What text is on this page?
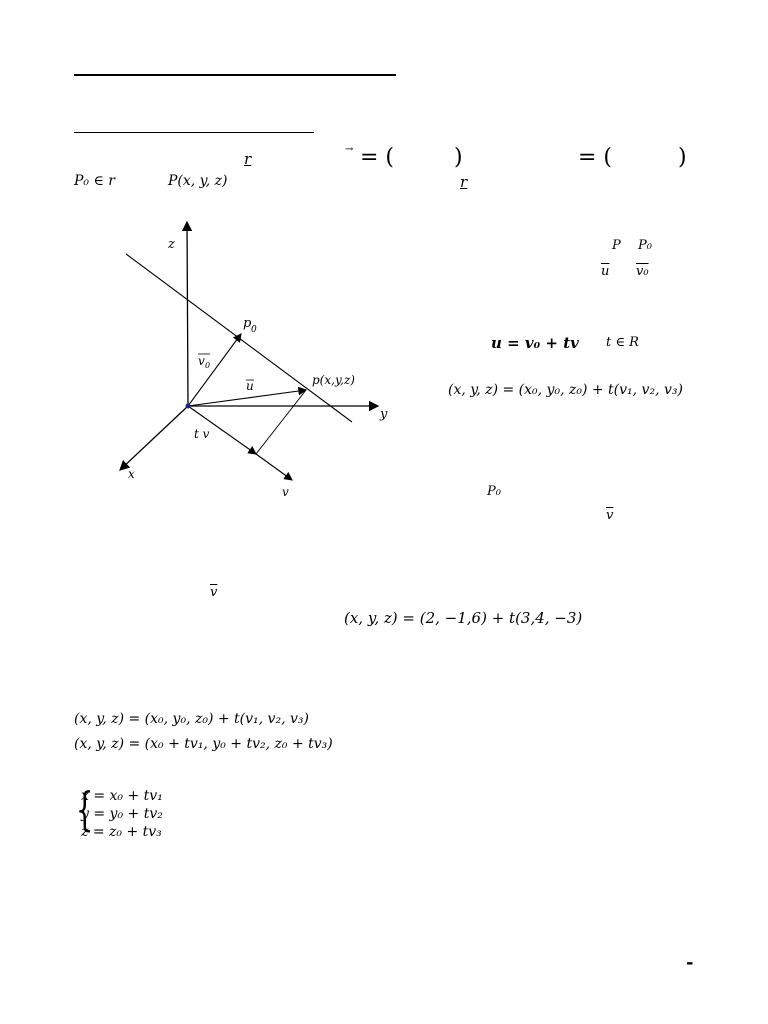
r
→ = (	)	= (	)
P₀ ∈ r	P(x, y, z)	r
z
y
x
p 0
p(x,y,z)
v 0
u
t v
v
P P₀
$\overline{u}$ v₀
u = v₀ + tv t ∈ R
(x, y, z) = (x₀, y₀, z₀) + t(v₁, v₂, v₃)
P₀
$\overline{v}$
$\overline{v}$
(x, y, z) = (2, −1,6) + t(3,4, −3)
(x, y, z) = (x₀, y₀, z₀) + t(v₁, v₂, v₃)
(x, y, z) = (x₀ + tv₁, y₀ + tv₂, z₀ + tv₃)
{
x = x₀ + tv₁
y = y₀ + tv₂
z = z₀ + tv₃
-
